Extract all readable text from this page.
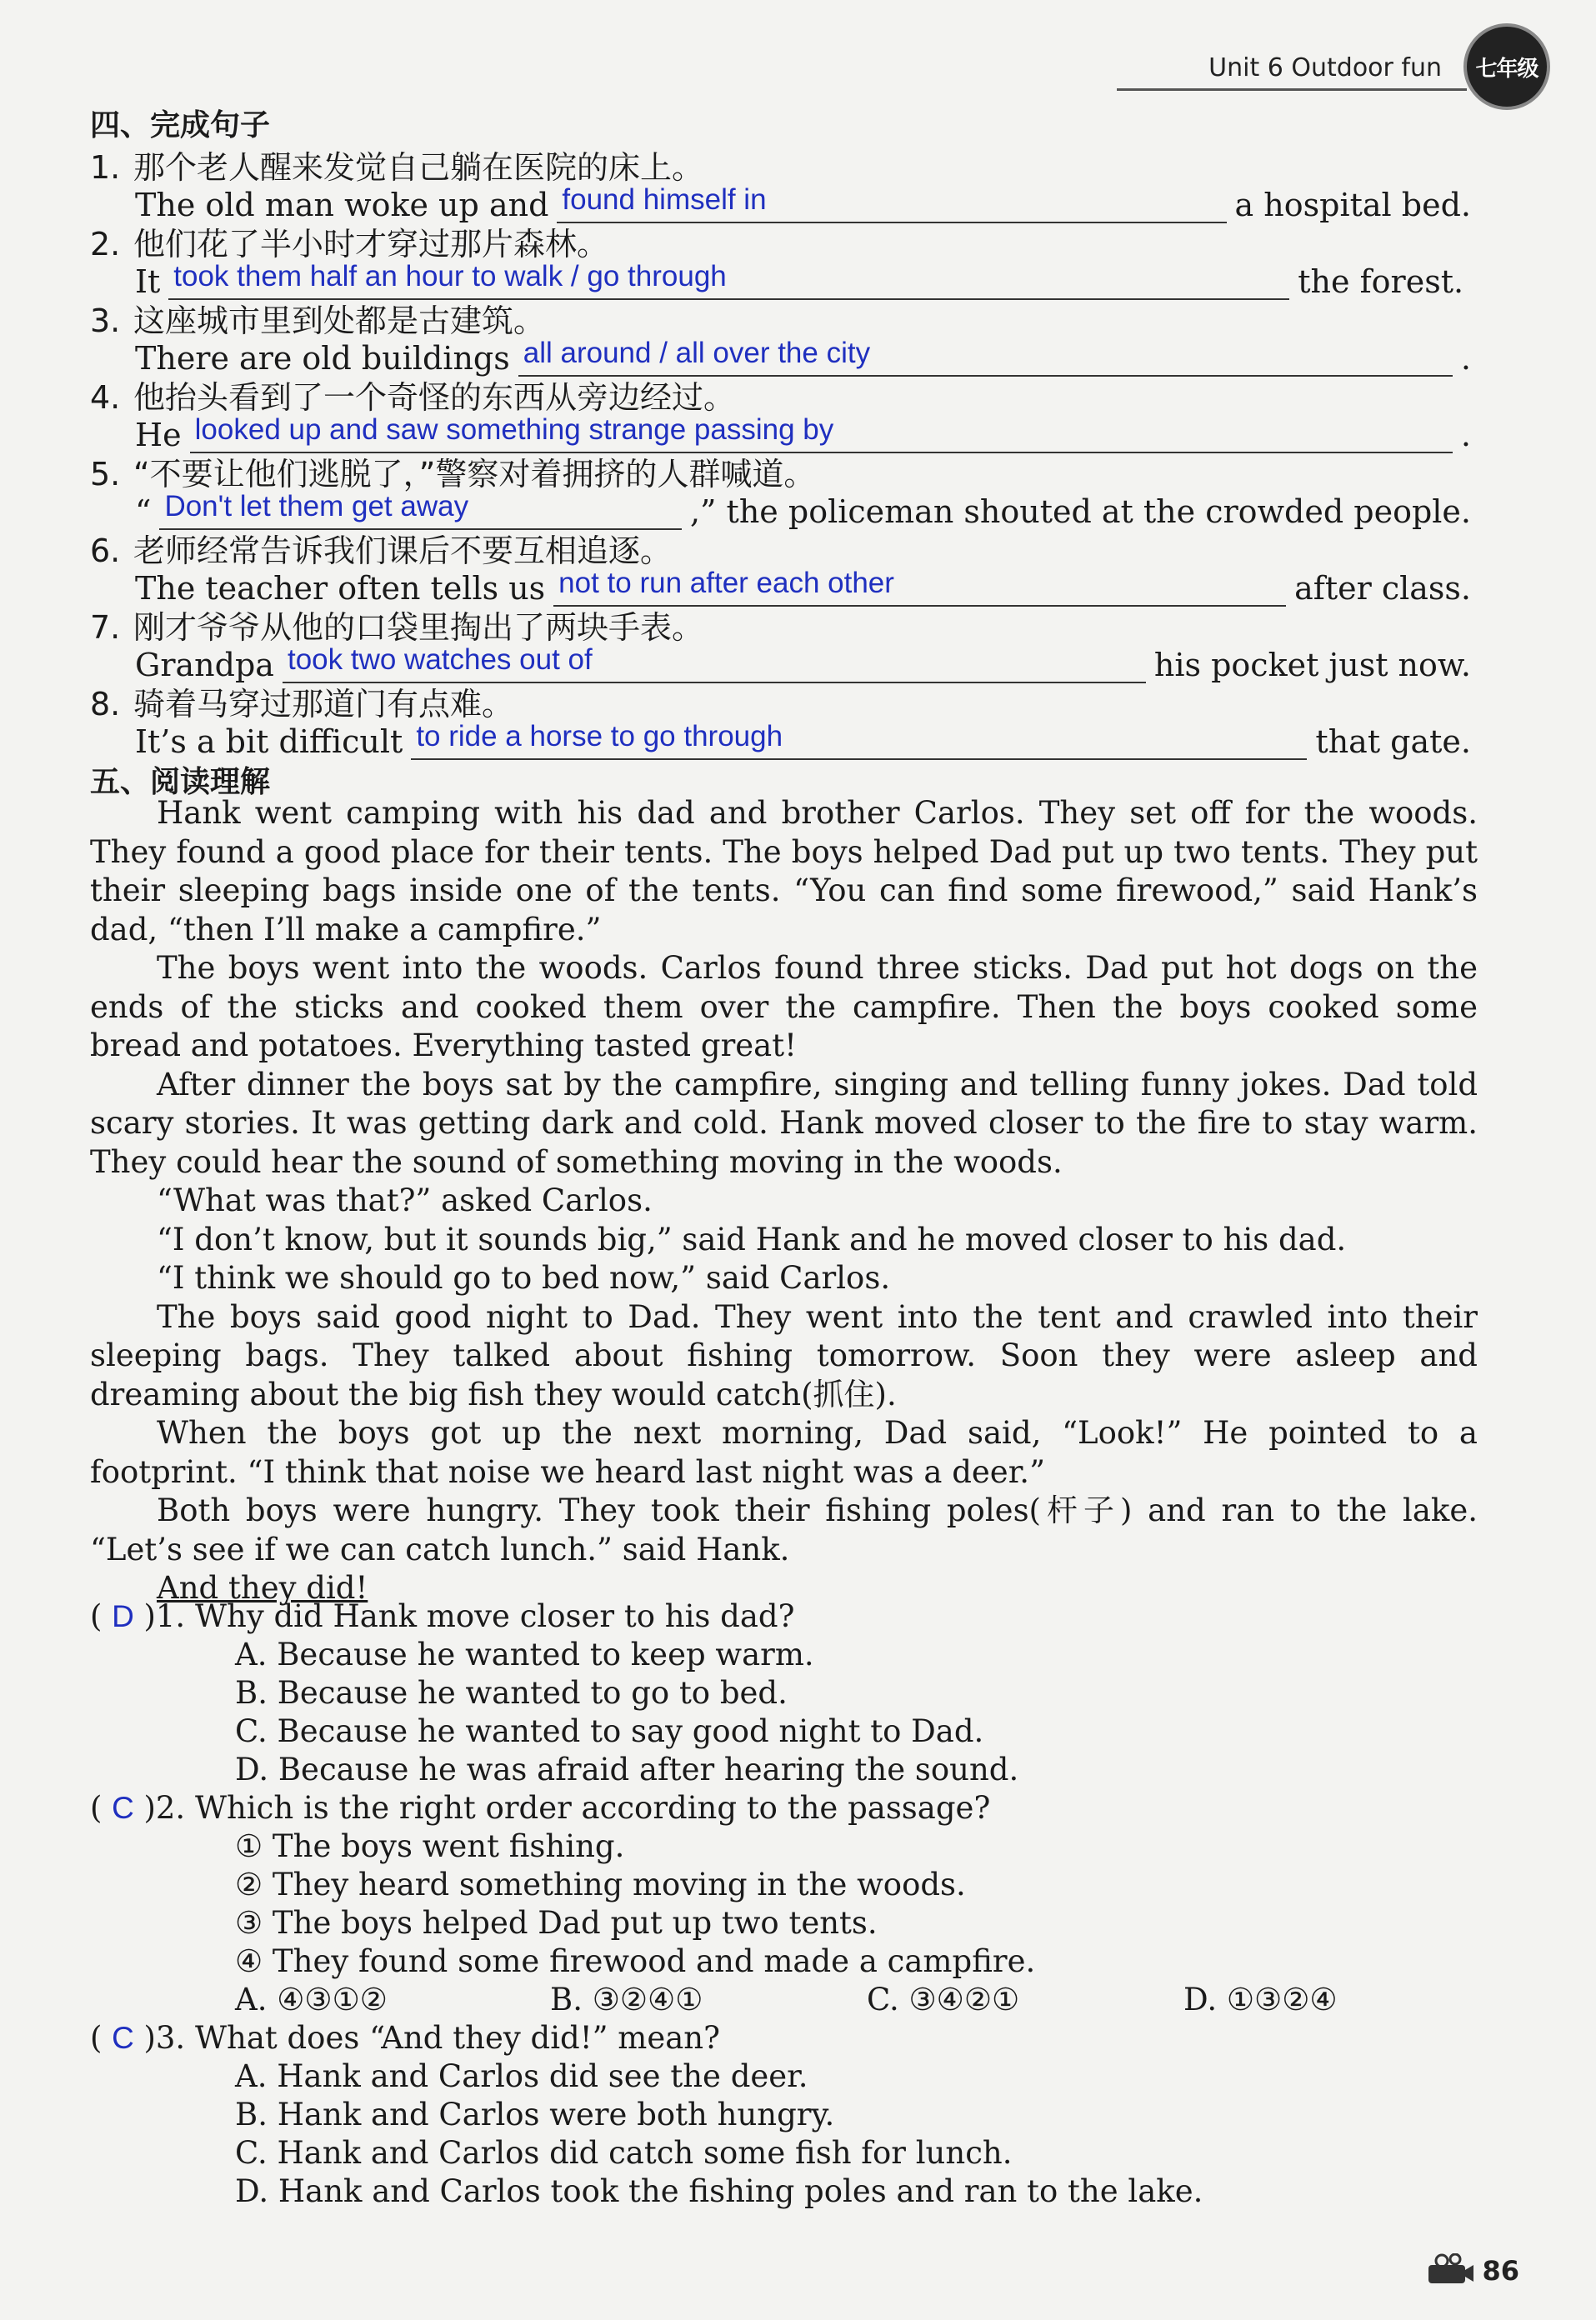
Unit 6 Outdoor fun	七年级
四、完成句子
1. 那个老人醒来发觉自己躺在医院的床上。
The old man woke up and found himself in	a hospital bed.
2. 他们花了半小时才穿过那片森林。
It took them half an hour to walk / go through	the forest.
3. 这座城市里到处都是古建筑。
There are old buildings all around / all over the city	.
4. 他抬头看到了一个奇怪的东西从旁边经过。
He looked up and saw something strange passing by	.
5. “不要让他们逃脱了，”警察对着拥挤的人群喊道。
“ Don't let them get away	,” the policeman shouted at the crowded people.
6. 老师经常告诉我们课后不要互相追逐。
The teacher often tells us not to run after each other	after class.
7. 刚才爷爷从他的口袋里掏出了两块手表。
Grandpa took two watches out of	his pocket just now.
8. 骑着马穿过那道门有点难。
It’s a bit difficult to ride a horse to go through	that gate.
五、阅读理解

Hank went camping with his dad and brother Carlos. They set off for the woods. They found a good place for their tents. The boys helped Dad put up two tents. They put their sleeping bags inside one of the tents. “You can find some firewood,” said Hank’s dad, “then I’ll make a campfire.”

The boys went into the woods. Carlos found three sticks. Dad put hot dogs on the ends of the sticks and cooked them over the campfire. Then the boys cooked some bread and potatoes. Everything tasted great!

After dinner the boys sat by the campfire, singing and telling funny jokes. Dad told scary stories. It was getting dark and cold. Hank moved closer to the fire to stay warm. They could hear the sound of something moving in the woods.

“What was that?” asked Carlos.

“I don’t know, but it sounds big,” said Hank and he moved closer to his dad.

“I think we should go to bed now,” said Carlos.

The boys said good night to Dad. They went into the tent and crawled into their sleeping bags. They talked about fishing tomorrow. Soon they were asleep and dreaming about the big fish they would catch(抓住).

When the boys got up the next morning, Dad said, “Look!” He pointed to a footprint. “I think that noise we heard last night was a deer.”

Both boys were hungry. They took their fishing poles(杆子) and ran to the lake. “Let’s see if we can catch lunch.” said Hank.

And they did!

( D )1. Why did Hank move closer to his dad?
A. Because he wanted to keep warm.
B. Because he wanted to go to bed.
C. Because he wanted to say good night to Dad.
D. Because he was afraid after hearing the sound.
( C )2. Which is the right order according to the passage?
① The boys went fishing.
② They heard something moving in the woods.
③ The boys helped Dad put up two tents.
④ They found some firewood and made a campfire.
A. ④③①②	B. ③②④①	C. ③④②①	D. ①③②④
( C )3. What does “And they did!” mean?
A. Hank and Carlos did see the deer.
B. Hank and Carlos were both hungry.
C. Hank and Carlos did catch some fish for lunch.
D. Hank and Carlos took the fishing poles and ran to the lake.
86
